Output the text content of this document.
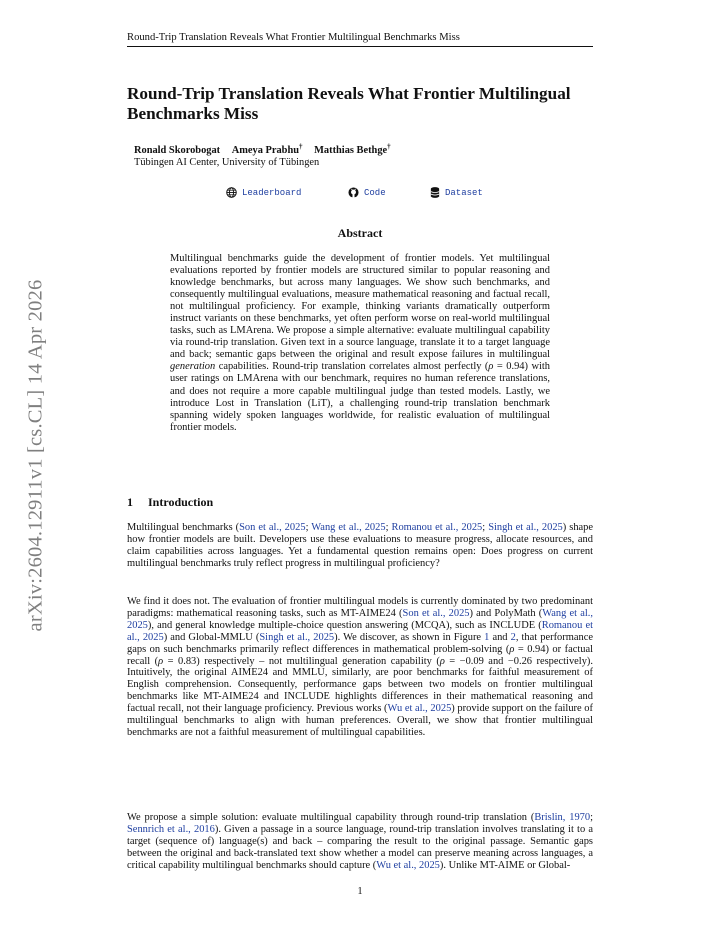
arXiv:2604.12911v1 [cs.CL] 14 Apr 2026
Round-Trip Translation Reveals What Frontier Multilingual Benchmarks Miss
Round-Trip Translation Reveals What Frontier Multilingual Benchmarks Miss
Ronald Skorobogat Ameya Prabhu† Matthias Bethge†
Tübingen AI Center, University of Tübingen
Leaderboard	Code	Dataset
Abstract

Multilingual benchmarks guide the development of frontier models. Yet multilingual evaluations reported by frontier models are structured similar to popular reasoning and knowledge benchmarks, but across many languages. We show such benchmarks, and consequently multilingual evaluations, measure mathematical reasoning and factual recall, not multilingual proficiency. For example, thinking variants dramatically outperform instruct variants on these benchmarks, yet often perform worse on real-world multilingual tasks, such as LMArena. We propose a simple alternative: evaluate multilingual capability via round-trip translation. Given text in a source language, translate it to a target language and back; semantic gaps between the original and result expose failures in multilingual generation capabilities. Round-trip translation correlates almost perfectly (ρ = 0.94) with user ratings on LMArena with our benchmark, requires no human reference translations, and does not require a more capable multilingual judge than tested models. Lastly, we introduce Lost in Translation (LiT), a challenging round-trip translation benchmark spanning widely spoken languages worldwide, for realistic evaluation of multilingual frontier models.

1 Introduction

Multilingual benchmarks (Son et al., 2025; Wang et al., 2025; Romanou et al., 2025; Singh et al., 2025) shape how frontier models are built. Developers use these evaluations to measure progress, allocate resources, and claim capabilities across languages. Yet a fundamental question remains open: Does progress on current multilingual benchmarks truly reflect progress in multilingual proficiency?

We find it does not. The evaluation of frontier multilingual models is currently dominated by two predominant paradigms: mathematical reasoning tasks, such as MT-AIME24 (Son et al., 2025) and PolyMath (Wang et al., 2025), and general knowledge multiple-choice question answering (MCQA), such as INCLUDE (Romanou et al., 2025) and Global-MMLU (Singh et al., 2025). We discover, as shown in Figure 1 and 2, that performance gaps on such benchmarks primarily reflect differences in mathematical problem-solving (ρ = 0.94) or factual recall (ρ = 0.83) respectively – not multilingual generation capability (ρ = −0.09 and −0.26 respectively). Intuitively, the original AIME24 and MMLU, similarly, are poor benchmarks for faithful measurement of English comprehension. Consequently, performance gaps between two models on frontier multilingual benchmarks like MT-AIME24 and INCLUDE highlights differences in their mathematical reasoning and factual recall, not their language proficiency. Previous works (Wu et al., 2025) provide support on the failure of multilingual benchmarks to align with human preferences. Overall, we show that frontier multilingual benchmarks are not a faithful measurement of multilingual capabilities.

We propose a simple solution: evaluate multilingual capability through round-trip translation (Brislin, 1970; Sennrich et al., 2016). Given a passage in a source language, round-trip translation involves translating it to a target (sequence of) language(s) and back – comparing the result to the original passage. Semantic gaps between the original and back-translated text show whether a model can preserve meaning across languages, a critical capability multilingual benchmarks should capture (Wu et al., 2025). Unlike MT-AIME or Global-

1
